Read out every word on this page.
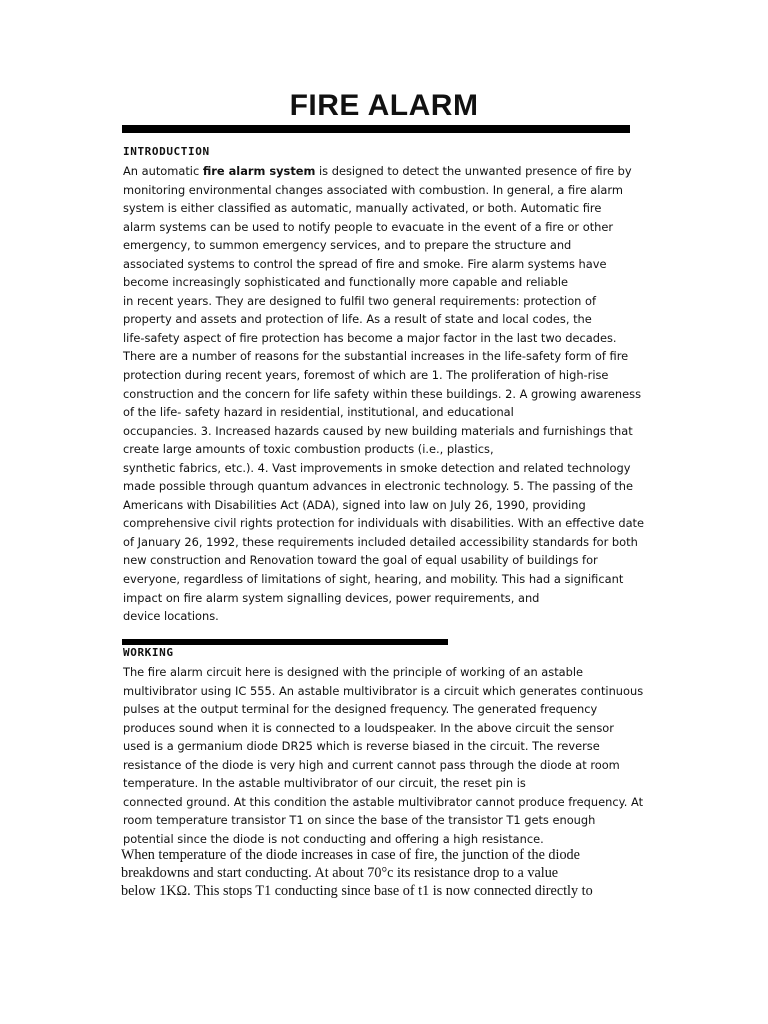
FIRE ALARM
INTRODUCTION
An automatic fire alarm system is designed to detect the unwanted presence of fire by
monitoring environmental changes associated with combustion. In general, a fire alarm
system is either classified as automatic, manually activated, or both. Automatic fire
alarm systems can be used to notify people to evacuate in the event of a fire or other
emergency, to summon emergency services, and to prepare the structure and
associated systems to control the spread of fire and smoke. Fire alarm systems have
become increasingly sophisticated and functionally more capable and reliable
in recent years. They are designed to fulfil two general requirements: protection of
property and assets and protection of life. As a result of state and local codes, the
life-safety aspect of fire protection has become a major factor in the last two decades.
There are a number of reasons for the substantial increases in the life-safety form of fire
protection during recent years, foremost of which are 1. The proliferation of high-rise
construction and the concern for life safety within these buildings. 2. A growing awareness
of the life- safety hazard in residential, institutional, and educational
occupancies. 3. Increased hazards caused by new building materials and furnishings that
create large amounts of toxic combustion products (i.e., plastics,
synthetic fabrics, etc.). 4. Vast improvements in smoke detection and related technology
made possible through quantum advances in electronic technology. 5. The passing of the
Americans with Disabilities Act (ADA), signed into law on July 26, 1990, providing
comprehensive civil rights protection for individuals with disabilities. With an effective date
of January 26, 1992, these requirements included detailed accessibility standards for both
new construction and Renovation toward the goal of equal usability of buildings for
everyone, regardless of limitations of sight, hearing, and mobility. This had a significant
impact on fire alarm system signalling devices, power requirements, and
device locations.
WORKING
The fire alarm circuit here is designed with the principle of working of an astable
multivibrator using IC 555. An astable multivibrator is a circuit which generates continuous
pulses at the output terminal for the designed frequency. The generated frequency
produces sound when it is connected to a loudspeaker. In the above circuit the sensor
used is a germanium diode DR25 which is reverse biased in the circuit. The reverse
resistance of the diode is very high and current cannot pass through the diode at room
temperature. In the astable multivibrator of our circuit, the reset pin is
connected ground. At this condition the astable multivibrator cannot produce frequency. At
room temperature transistor T1 on since the base of the transistor T1 gets enough
potential since the diode is not conducting and offering a high resistance.
When temperature of the diode increases in case of fire, the junction of the diode
breakdowns and start conducting. At about 70°c its resistance drop to a value
below 1KΩ. This stops T1 conducting since base of t1 is now connected directly to
